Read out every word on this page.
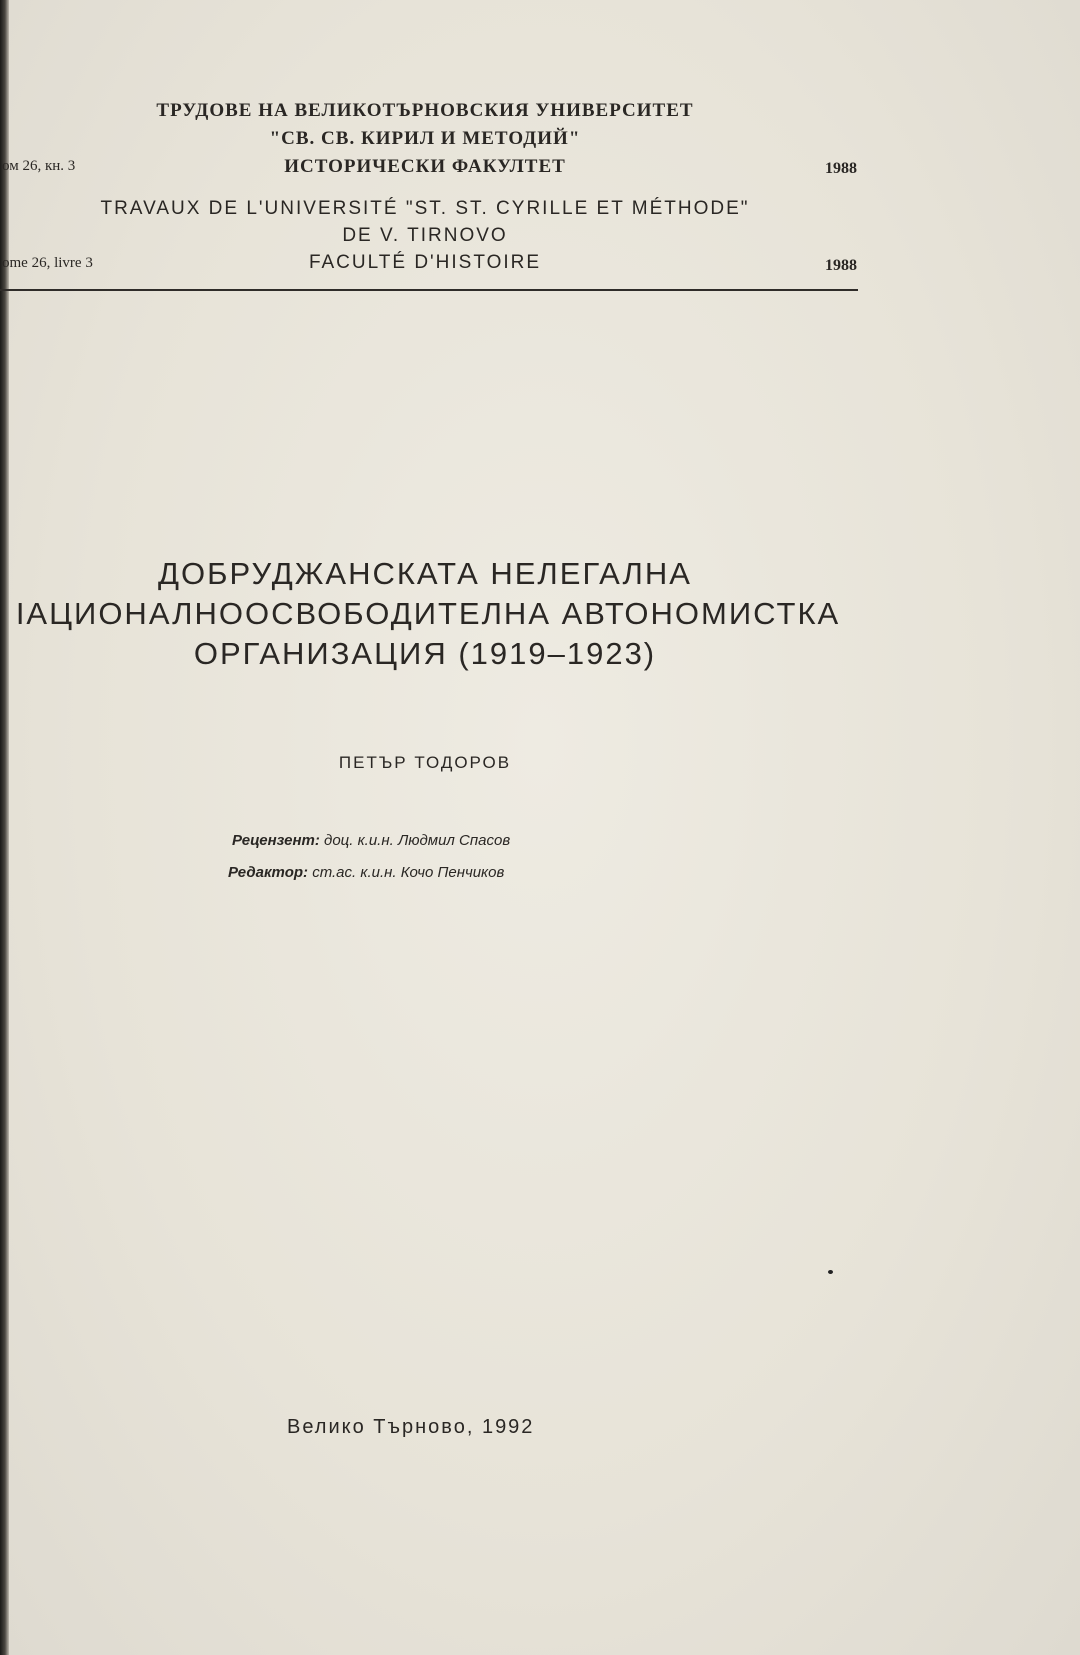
ТРУДОВЕ НА ВЕЛИКОТЪРНОВСКИЯ УНИВЕРСИТЕТ
"СВ. СВ. КИРИЛ И МЕТОДИЙ"
ИСТОРИЧЕСКИ ФАКУЛТЕТ
ом 26, кн. 3	1988
TRAVAUX DE L'UNIVERSITÉ "ST. ST. CYRILLE ET MÉTHODE"
DE V. TIRNOVO
FACULTÉ D'HISTOIRE
ome 26, livre 3	1988
ДОБРУДЖАНСКАТА НЕЛЕГАЛНА
ІАЦИОНАЛНООСВОБОДИТЕЛНА АВТОНОМИСТКА
ОРГАНИЗАЦИЯ (1919–1923)
ПЕТЪР ТОДОРОВ
Рецензент: доц. к.и.н. Людмил Спасов
Редактор: ст.ас. к.и.н. Кочо Пенчиков
Велико Търново, 1992
